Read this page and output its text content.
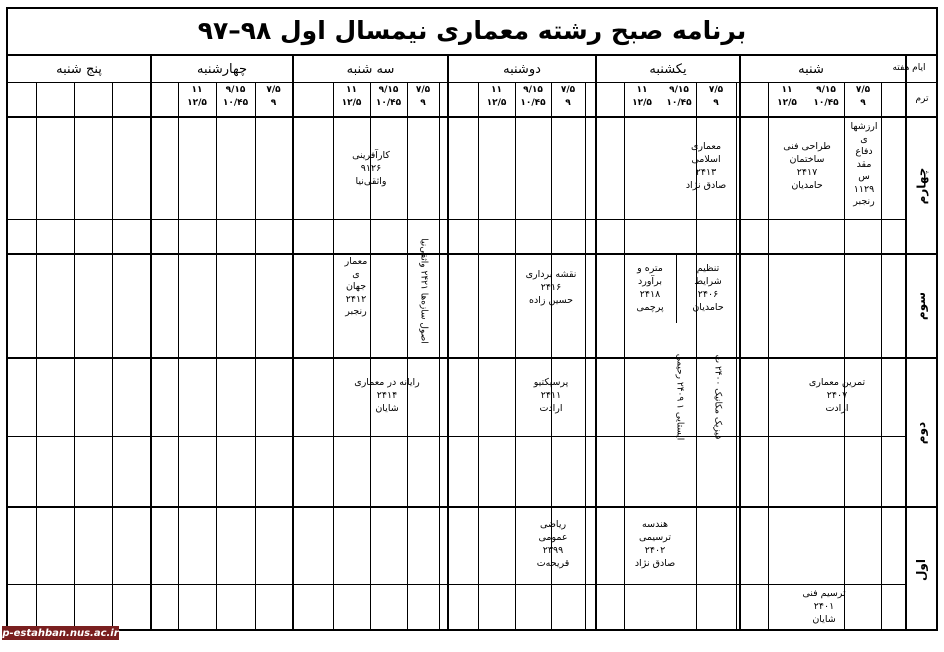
برنامه صبح رشته معماری نیمسال اول ۹۸–۹۷
ایام هفته
ترم
شنبه
یکشنبه
دوشنبه
سه شنبه
چهارشنبه
پنج شنبه
۷/۵
۹
۹/۱۵
۱۰/۴۵
۱۱
۱۲/۵
۷/۵
۹
۹/۱۵
۱۰/۴۵
۱۱
۱۲/۵
۷/۵
۹
۹/۱۵
۱۰/۴۵
۱۱
۱۲/۵
۷/۵
۹
۹/۱۵
۱۰/۴۵
۱۱
۱۲/۵
۷/۵
۹
۹/۱۵
۱۰/۴۵
۱۱
۱۲/۵
چهارم
سوم
دوم
اول
ارزشها
ی
دفاع
مقد
س
۱۱۲۹
رنجبر
طراحی فنی
ساختمان
۲۴۱۷
حامدیان
معماری
اسلامی
۲۴۱۳
صادق نژاد
کارآفرینی
۹۱۲۶
واثقی‌نیا
تنظیم
شرایط
۲۴۰۶
حامدیان
متره و
برآورد
۲۴۱۸
پرچمی
نقشه برداری
۲۴۱۶
حسین زاده
معمار
ی
جهان
۲۴۱۲
رنجبر
اصول سازه‌ها ۲۴۲۱ واثقی‌نیا
تمرین معماری
۲۴۰۷
ارادت
فیزیک مکانیک ۲۴۰۰ ت
ایستایی ۱ ۲۴۰۹ رحیمی
پرسپکتیو
۲۴۱۱
ارادت
رایانه در معماری
۲۴۱۴
شایان
ریاضی
عمومی
۲۳۹۹
قریحه‌ت
هندسه
ترسیمی
۲۴۰۲
صادق نژاد
ترسیم فنی
۲۴۰۱
شایان
p-estahban.nus.ac.ir
